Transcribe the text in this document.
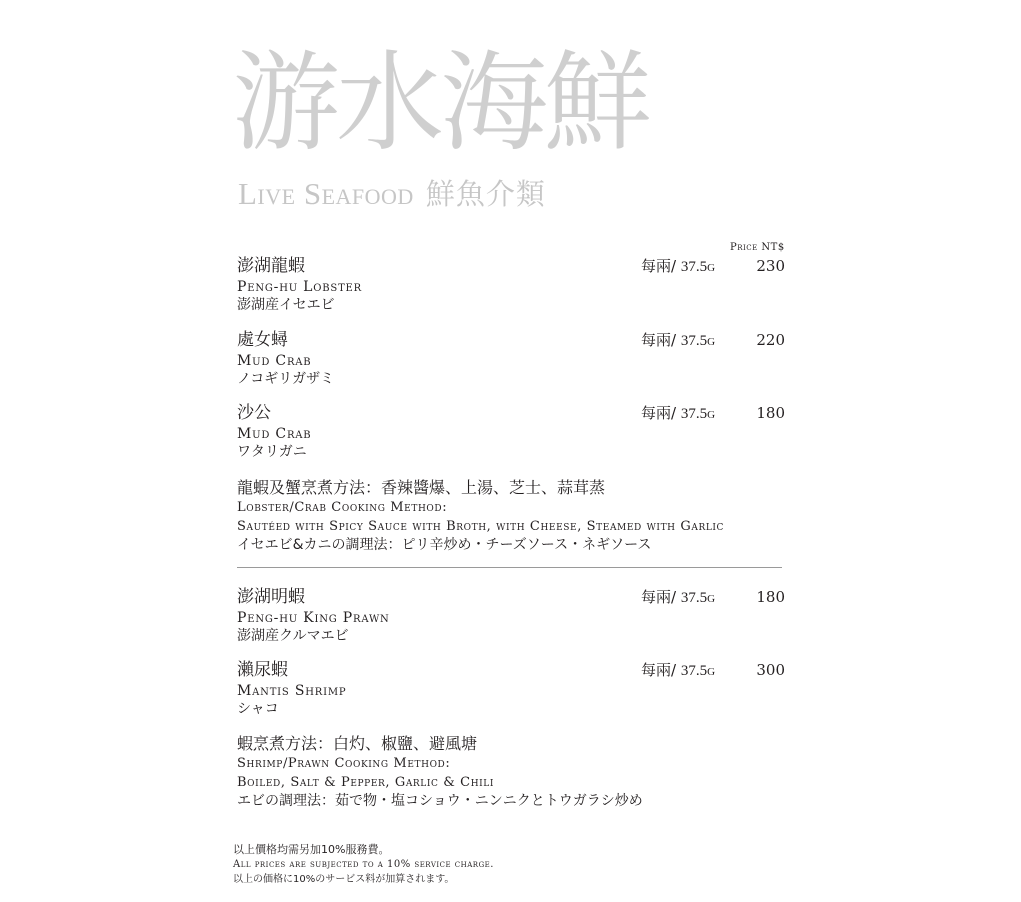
游水海鮮
Live Seafood 鮮魚介類
Price NT$
澎湖龍蝦
Peng-hu Lobster
澎湖産イセエビ
每兩/ 37.5g	230
處女蟳
Mud Crab
ノコギリガザミ
每兩/ 37.5g	220
沙公
Mud Crab
ワタリガニ
每兩/ 37.5g	180
龍蝦及蟹烹煮方法：香辣醬爆、上湯、芝士、蒜茸蒸
Lobster/Crab Cooking Method:
Sautéed with Spicy Sauce with Broth, with Cheese, Steamed with Garlic
イセエビ&カニの調理法：ピリ辛炒め・チーズソース・ネギソース
澎湖明蝦
Peng-hu King Prawn
澎湖産クルマエビ
每兩/ 37.5g	180
瀨尿蝦
Mantis Shrimp
シャコ
每兩/ 37.5g	300
蝦烹煮方法：白灼、椒鹽、避風塘
Shrimp/Prawn Cooking Method:
Boiled, Salt & Pepper, Garlic & Chili
エビの調理法：茹で物・塩コショウ・ニンニクとトウガラシ炒め
以上價格均需另加10%服務費。
All prices are subjected to a 10% service charge.
以上の価格に10%のサービス料が加算されます。
